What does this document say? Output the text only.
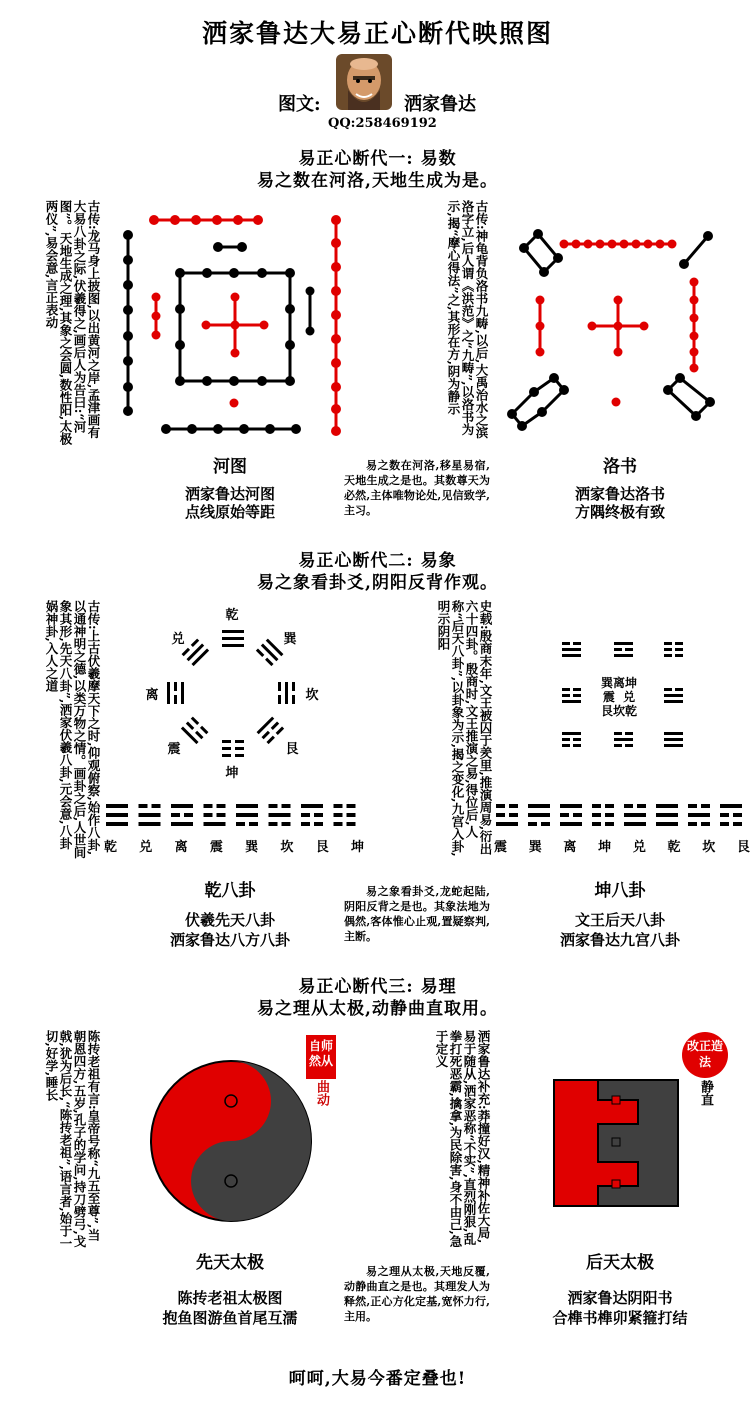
洒家鲁达大易正心断代映照图
图文:	洒家鲁达
QQ:258469192
易正心断代一: 易数
易之数在河洛,天地生成为是。
古传:龙马身上披图,以出黄河之岸,孟津画有大易八卦之际,伏羲得之,画后人为告曰:“河图”。天地生成之理,其象之会圆,数性阳,太极两仪”,易会意,言正表动	古传:神龟背负洛书九畴,以后,大禹治水之滨洛字立,后人谓《洪范》之“九畴”,以洛书为示,揭“摩心得法”之,其形在方,阴为静示
河图
洒家鲁达河图
点线原始等距
易之数在河洛,移星易宿,天地生成之是也。其数尊天为必然,主体唯物论处,见信致学,主习。
洛书
洒家鲁达洛书
方隅终极有致
易正心断代二: 易象
易之象看卦爻,阴阳反背作观。
古传:上古伏羲摩天下之时,仰观俯察,始作八卦,以通神明之德,以类万物之情。画卦之后,人世间象其形,先天八卦”,洒家伏羲八卦,元会意,八卦娲神卦,入人之道	乾
兑	巽
离	坎
震	艮
坤
乾 兑 离 震 巽 坎 艮 坤	史载:殷商末年,文王被囚于羑里,推演周易,衍出六十四卦。殷商时,文王推演之易,得位后,人称“后天八卦”,以卦象为示,揭之变化,九宫入卦,明示阴阳
巽离坤
震  兑
艮坎乾
震 巽 离 坤 兑 乾 坎 艮
乾八卦
伏羲先天八卦
洒家鲁达八方八卦
易之象看卦爻,龙蛇起陆,阴阳反背之是也。其象法地为偶然,客体惟心止观,置疑察判,主断。
坤八卦
文王后天八卦
洒家鲁达九宫八卦
易正心断代三: 易理
易之理从太极,动静曲直取用。
陈抟老祖有言:皇帝号称“九五至尊”,当朝恩四方,五岁,孔子的学问,持刀劈弓,戈戟,犹为后长,“陈抟老祖”,语言者,始于一切,好学,睡长	自师然从
曲动	洒家鲁达补充:莽撞好汉,精神补佐大局,易于随从,洒家恶称“不实”,直烈刚狠,乱拳打死恶霸,擒拿,为民除害,身不由己,急于定义	改正造法
静直
先天太极
陈抟老祖太极图
抱鱼图游鱼首尾互濡
易之理从太极,天地反覆,动静曲直之是也。其理发人为释然,正心方化定基,宽怀力行,主用。
后天太极
洒家鲁达阴阳书
合榫书榫卯紧箍打结
呵呵,大易今番定叠也!
